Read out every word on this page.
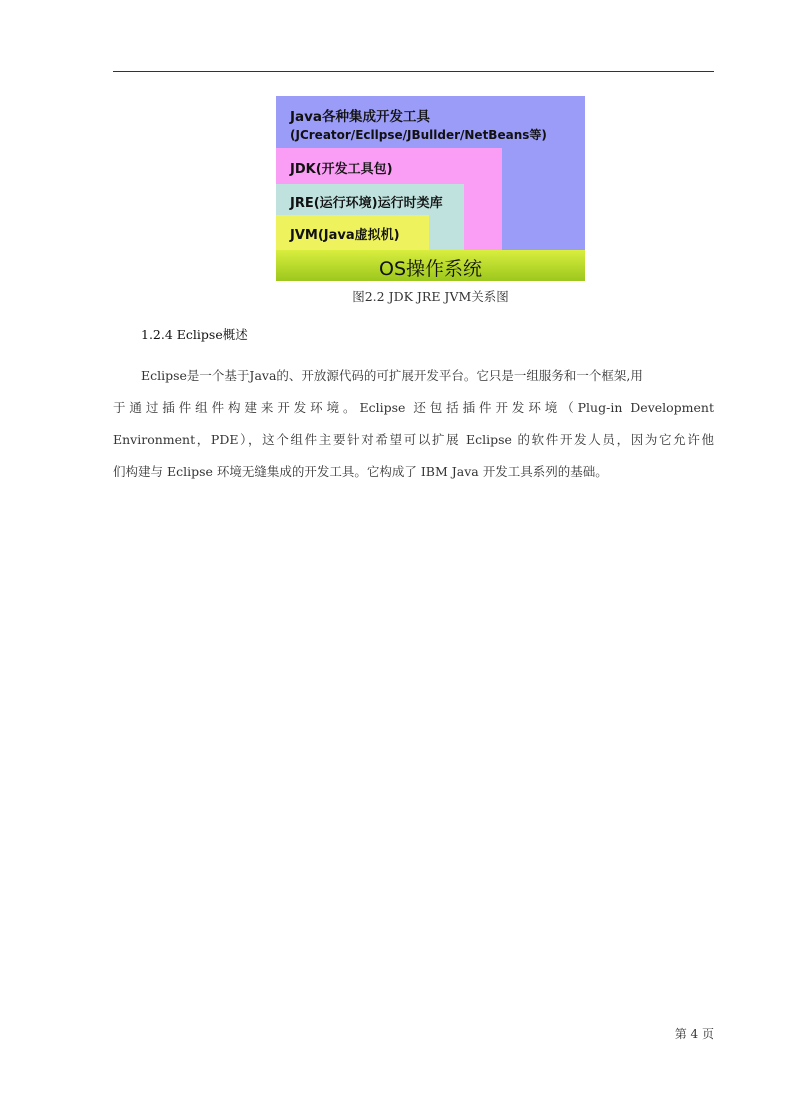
Java各种集成开发工具
(JCreator/Ecllpse/JBullder/NetBeans等)
JDK(开发工具包)
JRE(运行环境)运行时类库
JVM(Java虚拟机)
OS操作系统
图2.2 JDK JRE JVM关系图
1.2.4 Eclipse概述
Eclipse是一个基于Java的、开放源代码的可扩展开发平台。它只是一组服务和一个框架,用
于通过插件组件构建来开发环境。Eclipse 还包括插件开发环境（Plug-in Development
Environment，PDE），这个组件主要针对希望可以扩展 Eclipse 的软件开发人员，因为它允许他
们构建与 Eclipse 环境无缝集成的开发工具。它构成了 IBM Java 开发工具系列的基础。
第 4 页
